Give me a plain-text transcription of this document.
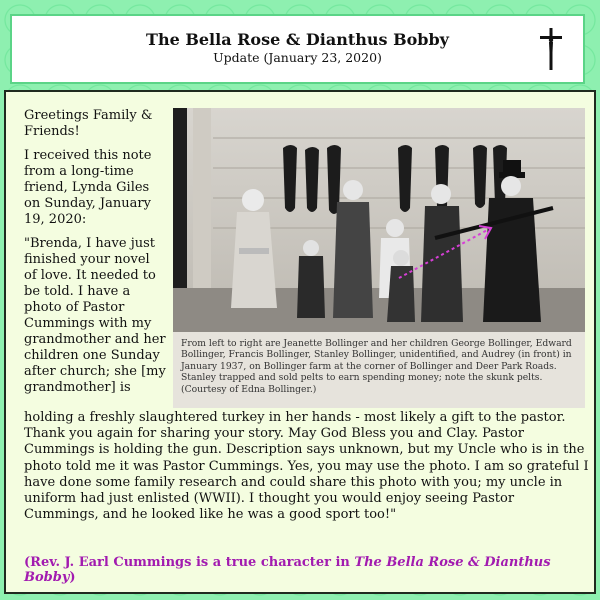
The Bella Rose & Dianthus Bobby
Update (January 23, 2020)

Greetings Family & Friends!

I received this note from a long-time friend, Lynda Giles on Sunday, January 19, 2020:

"Brenda, I have just finished your novel of love. It needed to be told. I have a photo of Pastor Cummings with my grandmother and her children one Sunday after church; she [my grandmother] is

From left to right are Jeanette Bollinger and her children George Bollinger, Edward Bollinger, Francis Bollinger, Stanley Bollinger, unidentified, and Audrey (in front) in January 1937, on Bollinger farm at the corner of Bollinger and Deer Park Roads. Stanley trapped and sold pelts to earn spending money; note the skunk pelts. (Courtesy of Edna Bollinger.)
holding a freshly slaughtered turkey in her hands - most likely a gift to the pastor. Thank you again for sharing your story. May God Bless you and Clay. Pastor Cummings is holding the gun. Description says unknown, but my Uncle who is in the photo told me it was Pastor Cummings. Yes, you may use the photo. I am so grateful I have done some family research and could share this photo with you; my uncle in uniform had just enlisted (WWII). I thought you would enjoy seeing Pastor Cummings, and he looked like he was a good sport too!"
(Rev. J. Earl Cummings is a true character in The Bella Rose & Dianthus Bobby)
